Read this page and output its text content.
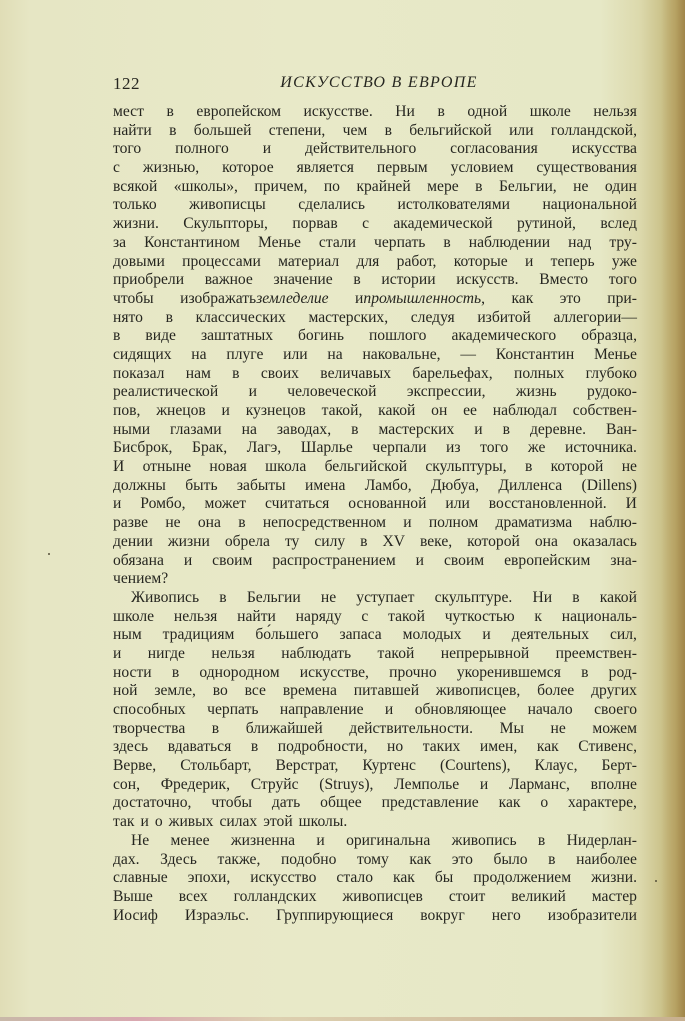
122	ИСКУССТВО В ЕВРОПЕ
мест в европейском искусстве. Ни в одной школе нельзя
найти в большей степени, чем в бельгийской или голландской,
того полного и действительного согласования искусства
с жизнью, которое является первым условием существования
всякой «школы», причем, по крайней мере в Бельгии, не один
только живописцы сделались истолкователями национальной
жизни. Скульпторы, порвав с академической рутиной, вслед
за Константином Менье стали черпать в наблюдении над тру-
довыми процессами материал для работ, которые и теперь уже
приобрели важное значение в истории искусств. Вместо того
чтобы изображатьземледелие ипромышленность, как это при-
нято в классических мастерских, следуя избитой аллегории—
в виде заштатных богинь пошлого академического образца,
сидящих на плуге или на наковальне, — Константин Менье
показал нам в своих величавых барельефах, полных глубоко
реалистической и человеческой экспрессии, жизнь рудоко-
пов, жнецов и кузнецов такой, какой он ее наблюдал собствен-
ными глазами на заводах, в мастерских и в деревне. Ван-
Бисброк, Брак, Лагэ, Шарлье черпали из того же источника.
И отныне новая школа бельгийской скульптуры, в которой не
должны быть забыты имена Ламбо, Дюбуа, Дилленса (Dillens)
и Ромбо, может считаться основанной или восстановленной. И
разве не она в непосредственном и полном драматизма наблю-
дении жизни обрела ту силу в XV веке, которой она оказалась
обязана и своим распространением и своим европейским зна-
чением?
Живопись в Бельгии не уступает скульптуре. Ни в какой
школе нельзя найти наряду с такой чуткостью к националь-
ным традициям бо́льшего запаса молодых и деятельных сил,
и нигде нельзя наблюдать такой непрерывной преемствен-
ности в однородном искусстве, прочно укоренившемся в род-
ной земле, во все времена питавшей живописцев, более других
способных черпать направление и обновляющее начало своего
творчества в ближайшей действительности. Мы не можем
здесь вдаваться в подробности, но таких имен, как Стивенс,
Верве, Стольбарт, Верстрат, Куртенс (Courtens), Клаус, Берт-
сон, Фредерик, Струйс (Struys), Лемполье и Ларманс, вполне
достаточно, чтобы дать общее представление как о характере,
так и о живых силах этой школы.
Не менее жизненна и оригинальна живопись в Нидерлан-
дах. Здесь также, подобно тому как это было в наиболее
славные эпохи, искусство стало как бы продолжением жизни.
Выше всех голландских живописцев стоит великий мастер
Иосиф Израэльс. Группирующиеся вокруг него изобразители
